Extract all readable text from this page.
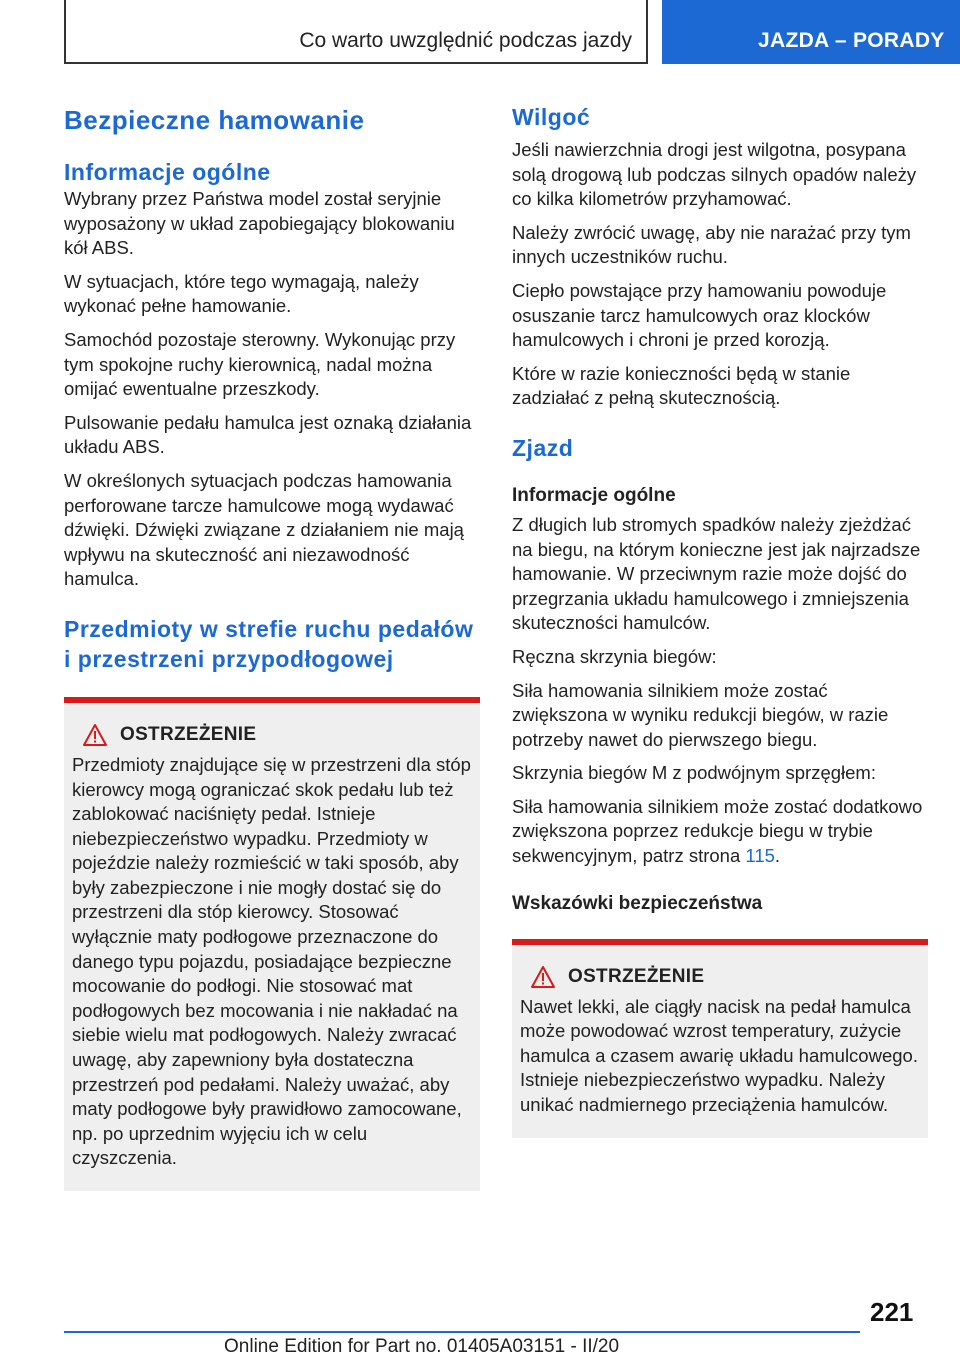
Co warto uwzględnić podczas jazdy	JAZDA – PORADY
Bezpieczne hamowanie
Informacje ogólne

Wybrany przez Państwa model został seryjnie wyposażony w układ zapobiegający blokowaniu kół ABS.

W sytuacjach, które tego wymagają, należy wykonać pełne hamowanie.

Samochód pozostaje sterowny. Wykonując przy tym spokojne ruchy kierownicą, nadal można omijać ewentualne przeszkody.

Pulsowanie pedału hamulca jest oznaką działania układu ABS.

W określonych sytuacjach podczas hamowania perforowane tarcze hamulcowe mogą wydawać dźwięki. Dźwięki związane z działaniem nie mają wpływu na skuteczność ani niezawodność hamulca.

Przedmioty w strefie ruchu pedałów i przestrzeni przypodłogowej
OSTRZEŻENIE

Przedmioty znajdujące się w przestrzeni dla stóp kierowcy mogą ograniczać skok pedału lub też zablokować naciśnięty pedał. Istnieje niebezpieczeństwo wypadku. Przedmioty w pojeździe należy rozmieścić w taki sposób, aby były zabezpieczone i nie mogły dostać się do przestrzeni dla stóp kierowcy. Stosować wyłącznie maty podłogowe przeznaczone do danego typu pojazdu, posiadające bezpieczne mocowanie do podłogi. Nie stosować mat podłogowych bez mocowania i nie nakładać na siebie wielu mat podłogowych. Należy zwracać uwagę, aby zapewniony była dostateczna przestrzeń pod pedałami. Należy uważać, aby maty podłogowe były prawidłowo zamocowane, np. po uprzednim wyjęciu ich w celu czyszczenia.

Wilgoć

Jeśli nawierzchnia drogi jest wilgotna, posypana solą drogową lub podczas silnych opadów należy co kilka kilometrów przyhamować.

Należy zwrócić uwagę, aby nie narażać przy tym innych uczestników ruchu.

Ciepło powstające przy hamowaniu powoduje osuszanie tarcz hamulcowych oraz klocków hamulcowych i chroni je przed korozją.

Które w razie konieczności będą w stanie zadziałać z pełną skutecznością.

Zjazd
Informacje ogólne

Z długich lub stromych spadków należy zjeżdżać na biegu, na którym konieczne jest jak najrzadsze hamowanie. W przeciwnym razie może dojść do przegrzania układu hamulcowego i zmniejszenia skuteczności hamulców.

Ręczna skrzynia biegów:

Siła hamowania silnikiem może zostać zwiększona w wyniku redukcji biegów, w razie potrzeby nawet do pierwszego biegu.

Skrzynia biegów M z podwójnym sprzęgłem:

Siła hamowania silnikiem może zostać dodatkowo zwiększona poprzez redukcje biegu w trybie sekwencyjnym, patrz strona 115.

Wskazówki bezpieczeństwa
OSTRZEŻENIE

Nawet lekki, ale ciągły nacisk na pedał hamulca może powodować wzrost temperatury, zużycie hamulca a czasem awarię układu hamulcowego. Istnieje niebezpieczeństwo wypadku. Należy unikać nadmiernego przeciążenia hamulców.

221
Online Edition for Part no. 01405A03151 - II/20
